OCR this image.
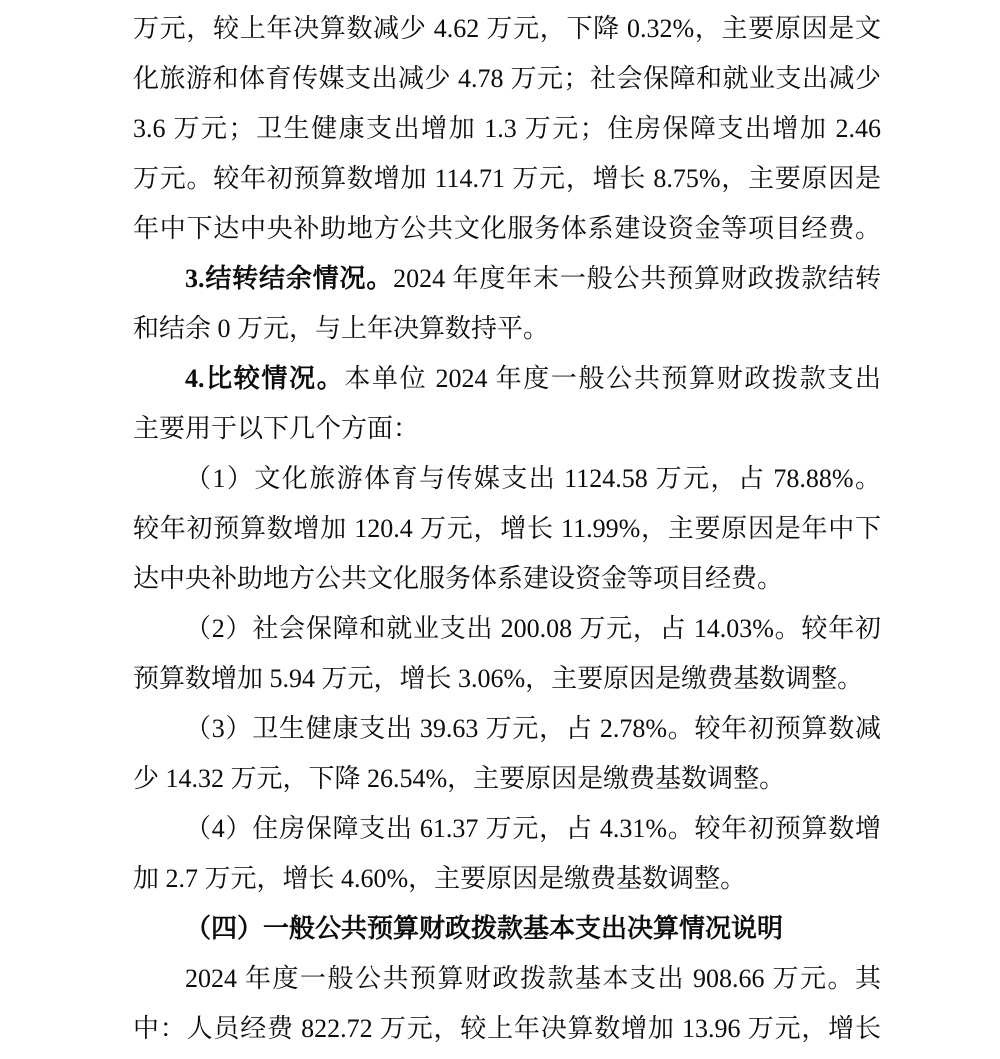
万元，较上年决算数减少 4.62 万元，下降 0.32%，主要原因是文
化旅游和体育传媒支出减少 4.78 万元；社会保障和就业支出减少
3.6 万元；卫生健康支出增加 1.3 万元；住房保障支出增加 2.46
万元。较年初预算数增加 114.71 万元，增长 8.75%，主要原因是
年中下达中央补助地方公共文化服务体系建设资金等项目经费。
3.结转结余情况。2024 年度年末一般公共预算财政拨款结转
和结余 0 万元，与上年决算数持平。
4.比较情况。本单位 2024 年度一般公共预算财政拨款支出
主要用于以下几个方面：
（1）文化旅游体育与传媒支出 1124.58 万元，占 78.88%。
较年初预算数增加 120.4 万元，增长 11.99%，主要原因是年中下
达中央补助地方公共文化服务体系建设资金等项目经费。
（2）社会保障和就业支出 200.08 万元，占 14.03%。较年初
预算数增加 5.94 万元，增长 3.06%，主要原因是缴费基数调整。
（3）卫生健康支出 39.63 万元，占 2.78%。较年初预算数减
少 14.32 万元，下降 26.54%，主要原因是缴费基数调整。
（4）住房保障支出 61.37 万元，占 4.31%。较年初预算数增
加 2.7 万元，增长 4.60%，主要原因是缴费基数调整。
（四）一般公共预算财政拨款基本支出决算情况说明
2024 年度一般公共预算财政拨款基本支出 908.66 万元。其
中：人员经费 822.72 万元，较上年决算数增加 13.96 万元，增长
